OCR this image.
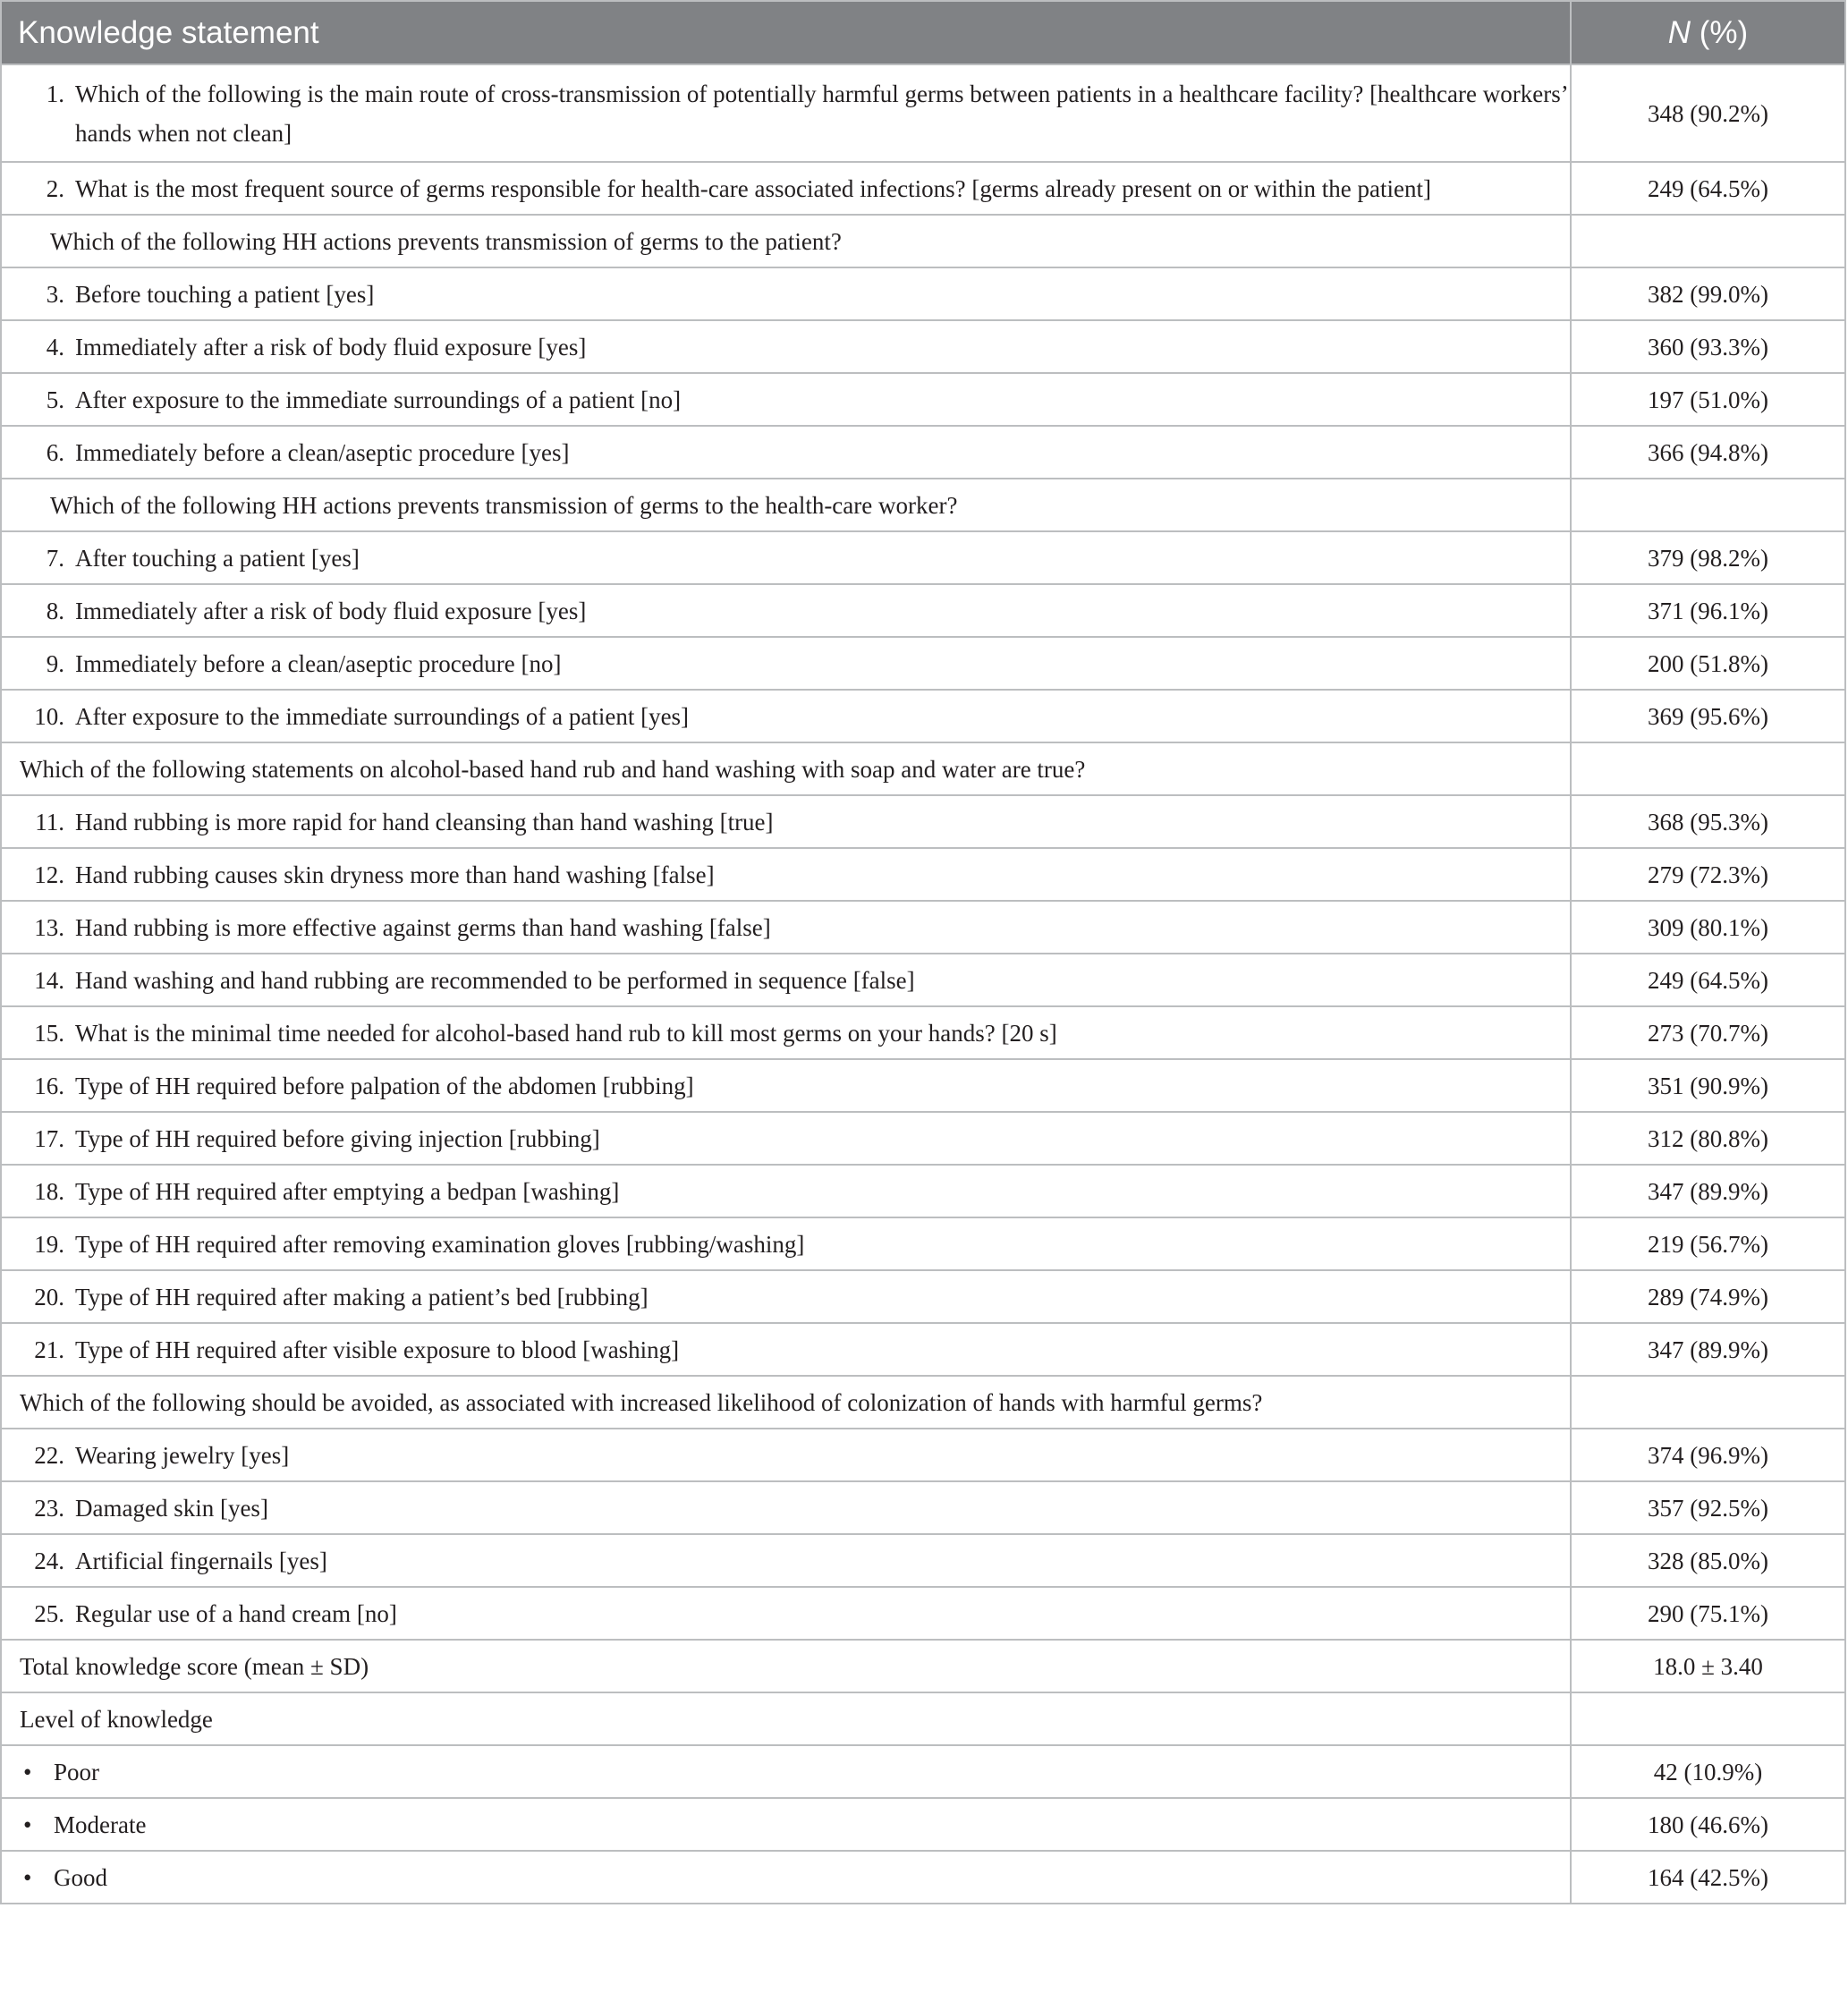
Knowledge statement	N (%)

1. Which of the following is the main route of cross-transmission of potentially harmful germs between patients in a healthcare facility? [healthcare workers’ hands when not clean]	348 (90.2%)
2. What is the most frequent source of germs responsible for health-care associated infections? [germs already present on or within the patient]	249 (64.5%)
Which of the following HH actions prevents transmission of germs to the patient?	
3. Before touching a patient [yes]	382 (99.0%)
4. Immediately after a risk of body fluid exposure [yes]	360 (93.3%)
5. After exposure to the immediate surroundings of a patient [no]	197 (51.0%)
6. Immediately before a clean/aseptic procedure [yes]	366 (94.8%)
Which of the following HH actions prevents transmission of germs to the health-care worker?	
7. After touching a patient [yes]	379 (98.2%)
8. Immediately after a risk of body fluid exposure [yes]	371 (96.1%)
9. Immediately before a clean/aseptic procedure [no]	200 (51.8%)
10. After exposure to the immediate surroundings of a patient [yes]	369 (95.6%)
Which of the following statements on alcohol-based hand rub and hand washing with soap and water are true?	
11. Hand rubbing is more rapid for hand cleansing than hand washing [true]	368 (95.3%)
12. Hand rubbing causes skin dryness more than hand washing [false]	279 (72.3%)
13. Hand rubbing is more effective against germs than hand washing [false]	309 (80.1%)
14. Hand washing and hand rubbing are recommended to be performed in sequence [false]	249 (64.5%)
15. What is the minimal time needed for alcohol-based hand rub to kill most germs on your hands? [20 s]	273 (70.7%)
16. Type of HH required before palpation of the abdomen [rubbing]	351 (90.9%)
17. Type of HH required before giving injection [rubbing]	312 (80.8%)
18. Type of HH required after emptying a bedpan [washing]	347 (89.9%)
19. Type of HH required after removing examination gloves [rubbing/washing]	219 (56.7%)
20. Type of HH required after making a patient’s bed [rubbing]	289 (74.9%)
21. Type of HH required after visible exposure to blood [washing]	347 (89.9%)
Which of the following should be avoided, as associated with increased likelihood of colonization of hands with harmful germs?	
22. Wearing jewelry [yes]	374 (96.9%)
23. Damaged skin [yes]	357 (92.5%)
24. Artificial fingernails [yes]	328 (85.0%)
25. Regular use of a hand cream [no]	290 (75.1%)
Total knowledge score (mean ± SD)	18.0 ± 3.40
Level of knowledge	
•Poor	42 (10.9%)
•Moderate	180 (46.6%)
•Good	164 (42.5%)
